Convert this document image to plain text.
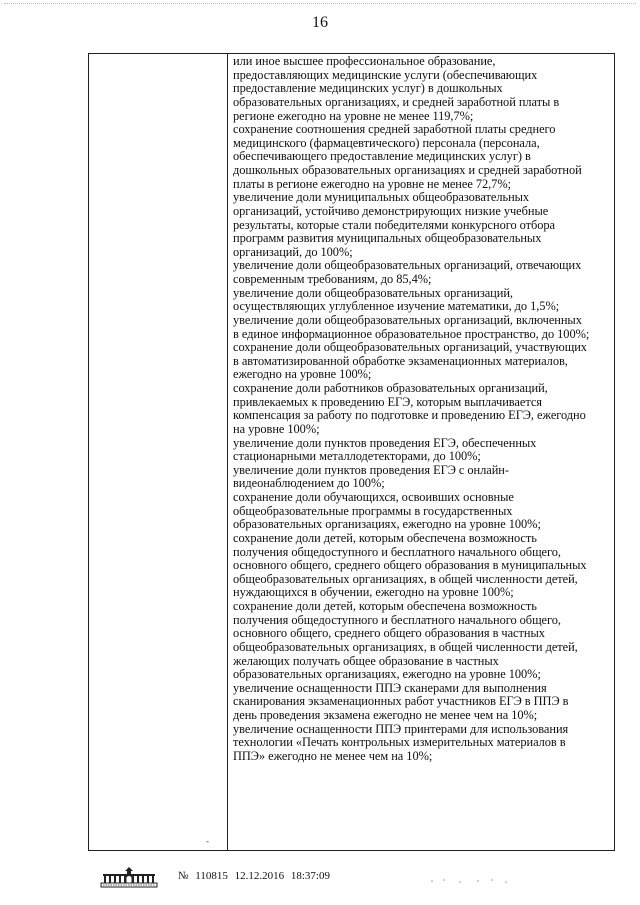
16
-
или иное высшее профессиональное образование,
предоставляющих медицинские услуги (обеспечивающих
предоставление медицинских услуг) в дошкольных
образовательных организациях, и средней заработной платы в
регионе ежегодно на уровне не менее 119,7%;
сохранение соотношения средней заработной платы среднего
медицинского (фармацевтического) персонала (персонала,
обеспечивающего предоставление медицинских услуг) в
дошкольных образовательных организациях и средней заработной
платы в регионе ежегодно на уровне не менее 72,7%;
увеличение доли муниципальных общеобразовательных
организаций, устойчиво демонстрирующих низкие учебные
результаты, которые стали победителями конкурсного отбора
программ развития муниципальных общеобразовательных
организаций, до 100%;
увеличение доли общеобразовательных организаций, отвечающих
современным требованиям, до 85,4%;
увеличение доли общеобразовательных организаций,
осуществляющих углубленное изучение математики, до 1,5%;
увеличение доли общеобразовательных организаций, включенных
в единое информационное образовательное пространство, до 100%;
сохранение доли общеобразовательных организаций, участвующих
в автоматизированной обработке экзаменационных материалов,
ежегодно на уровне 100%;
сохранение доли работников образовательных организаций,
привлекаемых к проведению ЕГЭ, которым выплачивается
компенсация за работу по подготовке и проведению ЕГЭ, ежегодно
на уровне 100%;
увеличение доли пунктов проведения ЕГЭ, обеспеченных
стационарными металлодетекторами, до 100%;
увеличение доли пунктов проведения ЕГЭ с онлайн-
видеонаблюдением до 100%;
сохранение доли обучающихся, освоивших основные
общеобразовательные программы в государственных
образовательных организациях, ежегодно на уровне 100%;
сохранение доли детей, которым обеспечена возможность
получения общедоступного и бесплатного начального общего,
основного общего, среднего общего образования в муниципальных
общеобразовательных организациях, в общей численности детей,
нуждающихся в обучении, ежегодно на уровне 100%;
сохранение доли детей, которым обеспечена возможность
получения общедоступного и бесплатного начального общего,
основного общего, среднего общего образования в частных
общеобразовательных организациях, в общей численности детей,
желающих получать общее образование в частных
образовательных организациях, ежегодно на уровне 100%;
увеличение оснащенности ППЭ сканерами для выполнения
сканирования экзаменационных работ участников ЕГЭ в ППЭ в
день проведения экзамена ежегодно не менее чем на 10%;
увеличение оснащенности ППЭ принтерами для использования
технологии «Печать контрольных измерительных материалов в
ППЭ» ежегодно не менее чем на 10%;
№ 110815 12.12.2016 18:37:09
